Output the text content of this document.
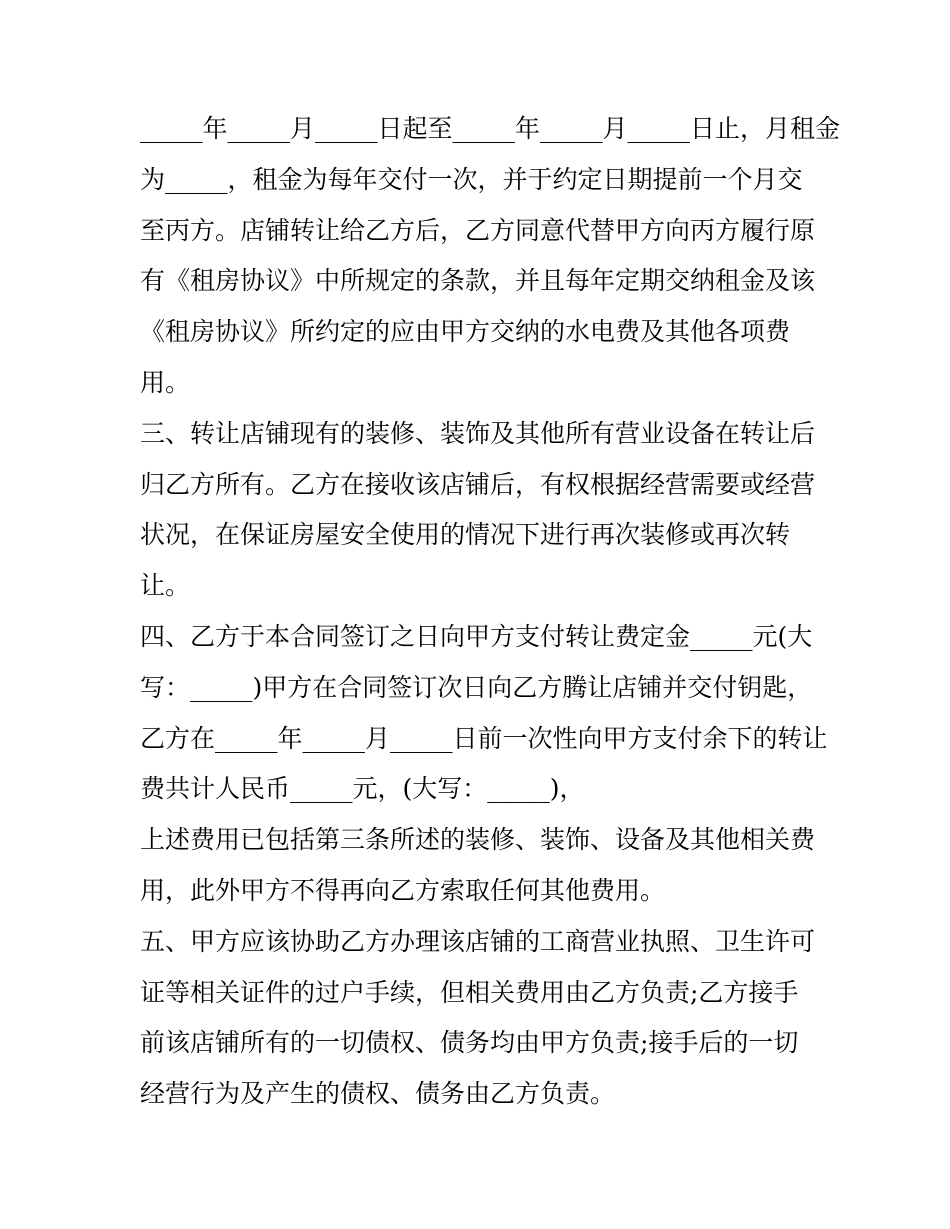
_____年_____月_____日起至_____年_____月_____日止，月租金
为_____，租金为每年交付一次，并于约定日期提前一个月交
至丙方。店铺转让给乙方后，乙方同意代替甲方向丙方履行原
有《租房协议》中所规定的条款，并且每年定期交纳租金及该
《租房协议》所约定的应由甲方交纳的水电费及其他各项费
用。
三、转让店铺现有的装修、装饰及其他所有营业设备在转让后
归乙方所有。乙方在接收该店铺后，有权根据经营需要或经营
状况，在保证房屋安全使用的情况下进行再次装修或再次转
让。
四、乙方于本合同签订之日向甲方支付转让费定金_____元(大
写：_____)甲方在合同签订次日向乙方腾让店铺并交付钥匙，
乙方在_____年_____月_____日前一次性向甲方支付余下的转让
费共计人民币_____元，(大写：_____)，
上述费用已包括第三条所述的装修、装饰、设备及其他相关费
用，此外甲方不得再向乙方索取任何其他费用。
五、甲方应该协助乙方办理该店铺的工商营业执照、卫生许可
证等相关证件的过户手续，但相关费用由乙方负责;乙方接手
前该店铺所有的一切债权、债务均由甲方负责;接手后的一切
经营行为及产生的债权、债务由乙方负责。
